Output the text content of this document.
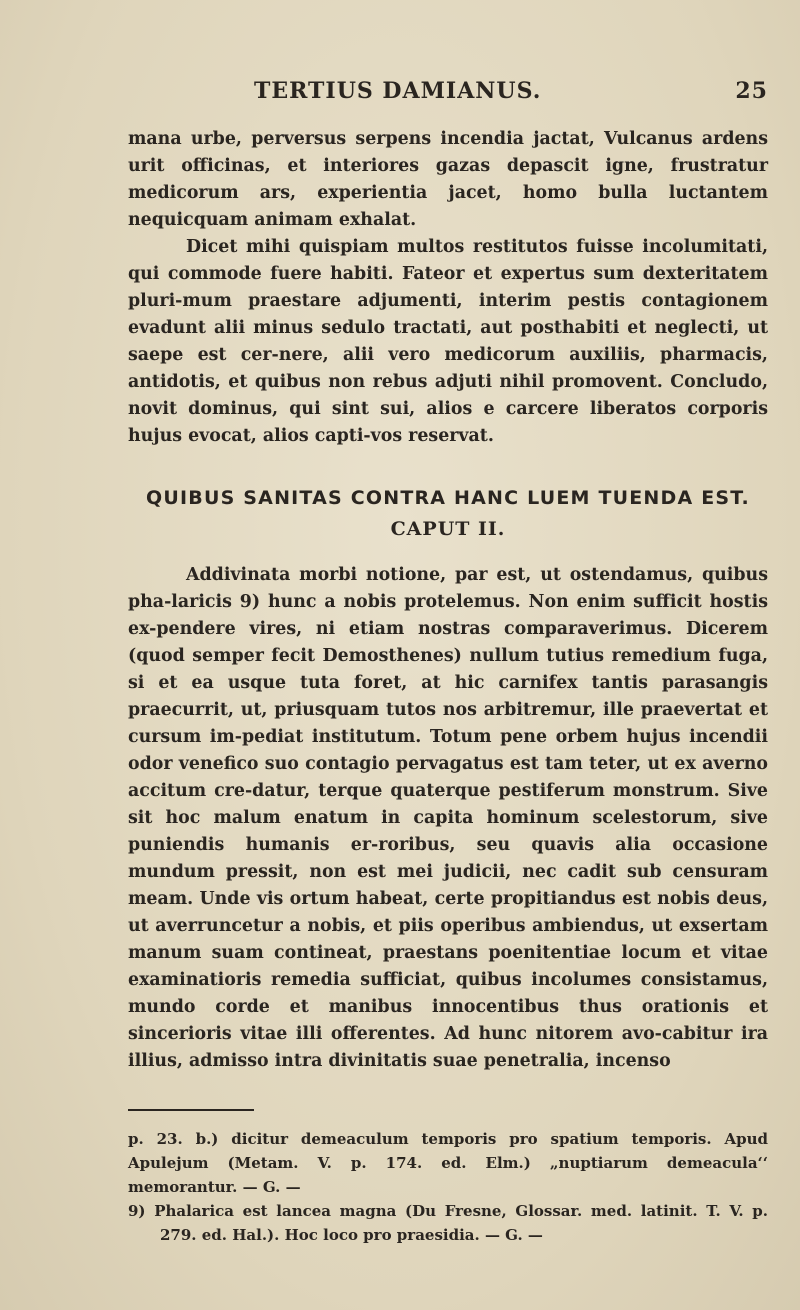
TERTIUS DAMIANUS.	25

mana urbe, perversus serpens incendia jactat, Vulcanus ardens urit officinas, et interiores gazas depascit igne, frustratur medicorum ars, experientia jacet, homo bulla luctantem nequicquam animam exhalat.

Dicet mihi quispiam multos restitutos fuisse incolumitati, qui commode fuere habiti. Fateor et expertus sum dexteritatem pluri-mum praestare adjumenti, interim pestis contagionem evadunt alii minus sedulo tractati, aut posthabiti et neglecti, ut saepe est cer-nere, alii vero medicorum auxiliis, pharmacis, antidotis, et quibus non rebus adjuti nihil promovent. Concludo, novit dominus, qui sint sui, alios e carcere liberatos corporis hujus evocat, alios capti-vos reservat.

QUIBUS SANITAS CONTRA HANC LUEM TUENDA EST.
CAPUT II.

Addivinata morbi notione, par est, ut ostendamus, quibus pha-laricis 9) hunc a nobis protelemus. Non enim sufficit hostis ex-pendere vires, ni etiam nostras comparaverimus. Dicerem (quod semper fecit Demosthenes) nullum tutius remedium fuga, si et ea usque tuta foret, at hic carnifex tantis parasangis praecurrit, ut, priusquam tutos nos arbitremur, ille praevertat et cursum im-pediat institutum. Totum pene orbem hujus incendii odor venefico suo contagio pervagatus est tam teter, ut ex averno accitum cre-datur, terque quaterque pestiferum monstrum. Sive sit hoc malum enatum in capita hominum scelestorum, sive puniendis humanis er-roribus, seu quavis alia occasione mundum pressit, non est mei judicii, nec cadit sub censuram meam. Unde vis ortum habeat, certe propitiandus est nobis deus, ut averruncetur a nobis, et piis operibus ambiendus, ut exsertam manum suam contineat, praestans poenitentiae locum et vitae examinatioris remedia sufficiat, quibus incolumes consistamus, mundo corde et manibus innocentibus thus orationis et sincerioris vitae illi offerentes. Ad hunc nitorem avo-cabitur ira illius, admisso intra divinitatis suae penetralia, incenso

p. 23. b.) dicitur demeaculum temporis pro spatium temporis. Apud Apulejum (Metam. V. p. 174. ed. Elm.) „nuptiarum demeacula‘‘ memorantur. — G. —

9) Phalarica est lancea magna (Du Fresne, Glossar. med. latinit. T. V. p. 279. ed. Hal.). Hoc loco pro praesidia. — G. —
